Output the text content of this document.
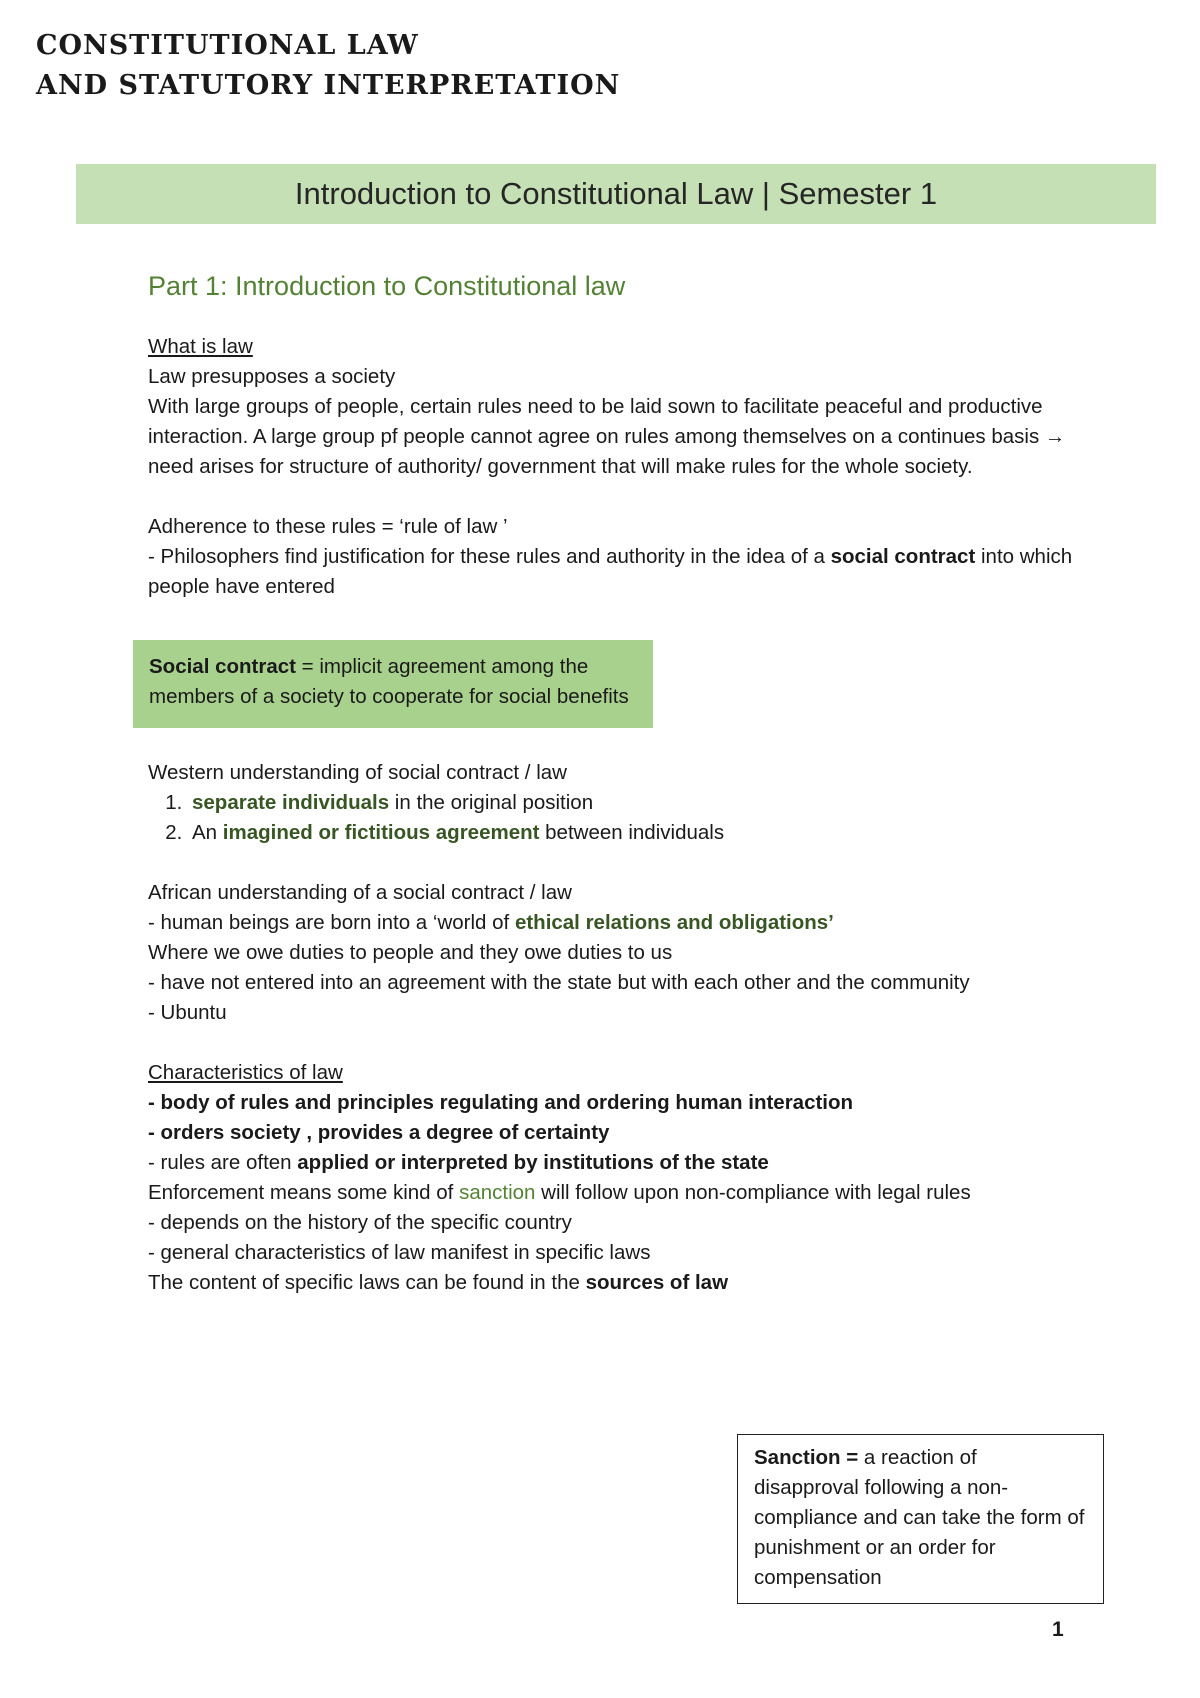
CONSTITUTIONAL LAW
AND STATUTORY INTERPRETATION
Introduction to Constitutional Law | Semester 1
Part 1: Introduction to Constitutional law

What is law

Law presupposes a society

With large groups of people, certain rules need to be laid sown to facilitate peaceful and productive interaction. A large group pf people cannot agree on rules among themselves on a continues basis → need arises for structure of authority/ government that will make rules for the whole society.

Adherence to these rules = ‘rule of law ’

- Philosophers find justification for these rules and authority in the idea of a social contract into which people have entered

Social contract = implicit agreement among the members of a society to cooperate for social benefits

Western understanding of social contract / law

1. separate individuals in the original position
2. An imagined or fictitious agreement between individuals

African understanding of a social contract / law

- human beings are born into a ‘world of ethical relations and obligations’

Where we owe duties to people and they owe duties to us

- have not entered into an agreement with the state but with each other and the community

- Ubuntu

Characteristics of law

- body of rules and principles regulating and ordering human interaction

- orders society , provides a degree of certainty

- rules are often applied or interpreted by institutions of the state

Enforcement means some kind of sanction will follow upon non-compliance with legal rules

- depends on the history of the specific country

- general characteristics of law manifest in specific laws

The content of specific laws can be found in the sources of law

Sanction = a reaction of disapproval following a non-compliance and can take the form of punishment or an order for compensation
1
